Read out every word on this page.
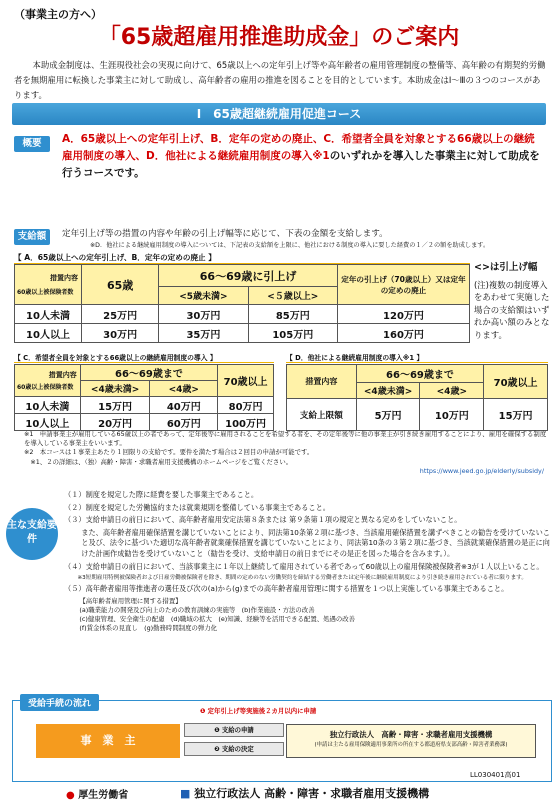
（事業主の方へ）
「65歳超雇用推進助成金」のご案内
本助成金制度は、生涯現役社会の実現に向けて、65歳以上への定年引上げ等や高年齢者の雇用管理制度の整備等、高年齢の有期契約労働者を無期雇用に転換した事業主に対して助成し、高年齢者の雇用の推進を図ることを目的としています。本助成金はⅠ～Ⅲの３つのコースがあります。
Ⅰ　65歳超継続雇用促進コース
概要	A．65歳以上への定年引上げ、B．定年の定めの廃止、C．希望者全員を対象とする66歳以上の継続雇用制度の導入、D．他社による継続雇用制度の導入※1のいずれかを導入した事業主に対して助成を行うコースです。
支給額	定年引上げ等の措置の内容や年齢の引上げ幅等に応じて、下表の金額を支給します。
※D．他社による継続雇用制度の導入については、下記表の支給額を上限に、他社における制度の導入に要した経費の１／２の額を助成します。
【 A．65歳以上への定年引上げ、B．定年の定めの廃止 】
措置内容
60歳以上被保険者数	65歳	66～69歳に引上げ		定年の引上げ（70歳以上）又は定年の定めの廃止
		<5歳未満>	<５歳以上>	
10人未満	25万円	30万円	85万円	120万円
10人以上	30万円	35万円	105万円	160万円
<>は引上げ幅
(注)複数の制度導入をあわせて実施した場合の支給額はいずれか高い額のみとなります。
【 C．希望者全員を対象とする66歳以上の継続雇用制度の導入 】
措置内容
60歳以上被保険者数	66～69歳まで		70歳以上
	<4歳未満>	<4歳>	
10人未満	15万円	40万円	80万円
10人以上	20万円	60万円	100万円
【 D．他社による継続雇用制度の導入※1 】
措置内容	66～69歳まで		70歳以上
	<4歳未満>	<4歳>	
支給上限額	5万円	10万円	15万円
※1　申請事業主が雇用している65歳以上の者であって、定年後等に雇用されることを希望する者を、その定年後等に他の事業主が引き続き雇用することにより、雇用を確保する制度を導入している事業主をいいます。
※2　本コースは１事業主あたり１回限りの支給です。要件を満たす場合は２回目の申請が可能です。
　※1、２の詳細は、（独）高齢・障害・求職者雇用支援機構のホームページをご覧ください。
https://www.jeed.go.jp/elderly/subsidy/
主な支給要件

（１）制度を規定した際に経費を要した事業主であること。

（２）制度を規定した労働協約または就業規則を整備している事業主であること。

（３）支給申請日の前日において、高年齢者雇用安定法第８条または 第９条第１項の規定と異なる定めをしていないこと。

また、高年齢者雇用確保措置を講じていないことにより、同法第10条第２項に基づき、当該雇用確保措置を講ずべきことの勧告を受けていないこと及び、法令に基づいた適切な高年齢者就業確保措置を講じていないことにより、同法第10条の３第２項に基づき、当該就業確保措置の是正に向けた計画作成勧告を受けていないこと（勧告を受け、支給申請日の前日までにその是正を図った場合を含みます。）。

（４）支給申請日の前日において、当該事業主に１年以上継続して雇用されている者であって60歳以上の雇用保険被保険者※3が１人以上いること。

※3短期雇用特例被保険者および日雇労働被保険者を除き、期間の定めのない労働契約を締結する労働者または定年後に継続雇用制度により引き続き雇用されている者に限ります。

（５）高年齢者雇用等推進者の選任及び次の(a)から(g)までの高年齢者雇用管理に関する措置を１つ以上実施している事業主であること。

【高年齢者雇用管理に関する措置】
(a)職業能力の開発及び向上のための教育訓練の実施等　(b)作業施設・方法の改善
(c)健康管理、安全衛生の配慮　(d)職域の拡大　(e)知識、経験等を活用できる配置、処遇の改善
(f)賃金体系の見直し　(g)勤務時間制度の弾力化
受給手続の流れ
❶ 定年引上げ等実施後２カ月以内に申請
事　業　主
❶ 支給の申請
❷ 支給の決定
独立行政法人　高齢・障害・求職者雇用支援機構
(申請は主たる雇用保険適用事業所の所在する都道府県支部高齢・障害者業務課)
LL030401高01
● 厚生労働省	■ 独立行政法人 高齢・障害・求職者雇用支援機構
